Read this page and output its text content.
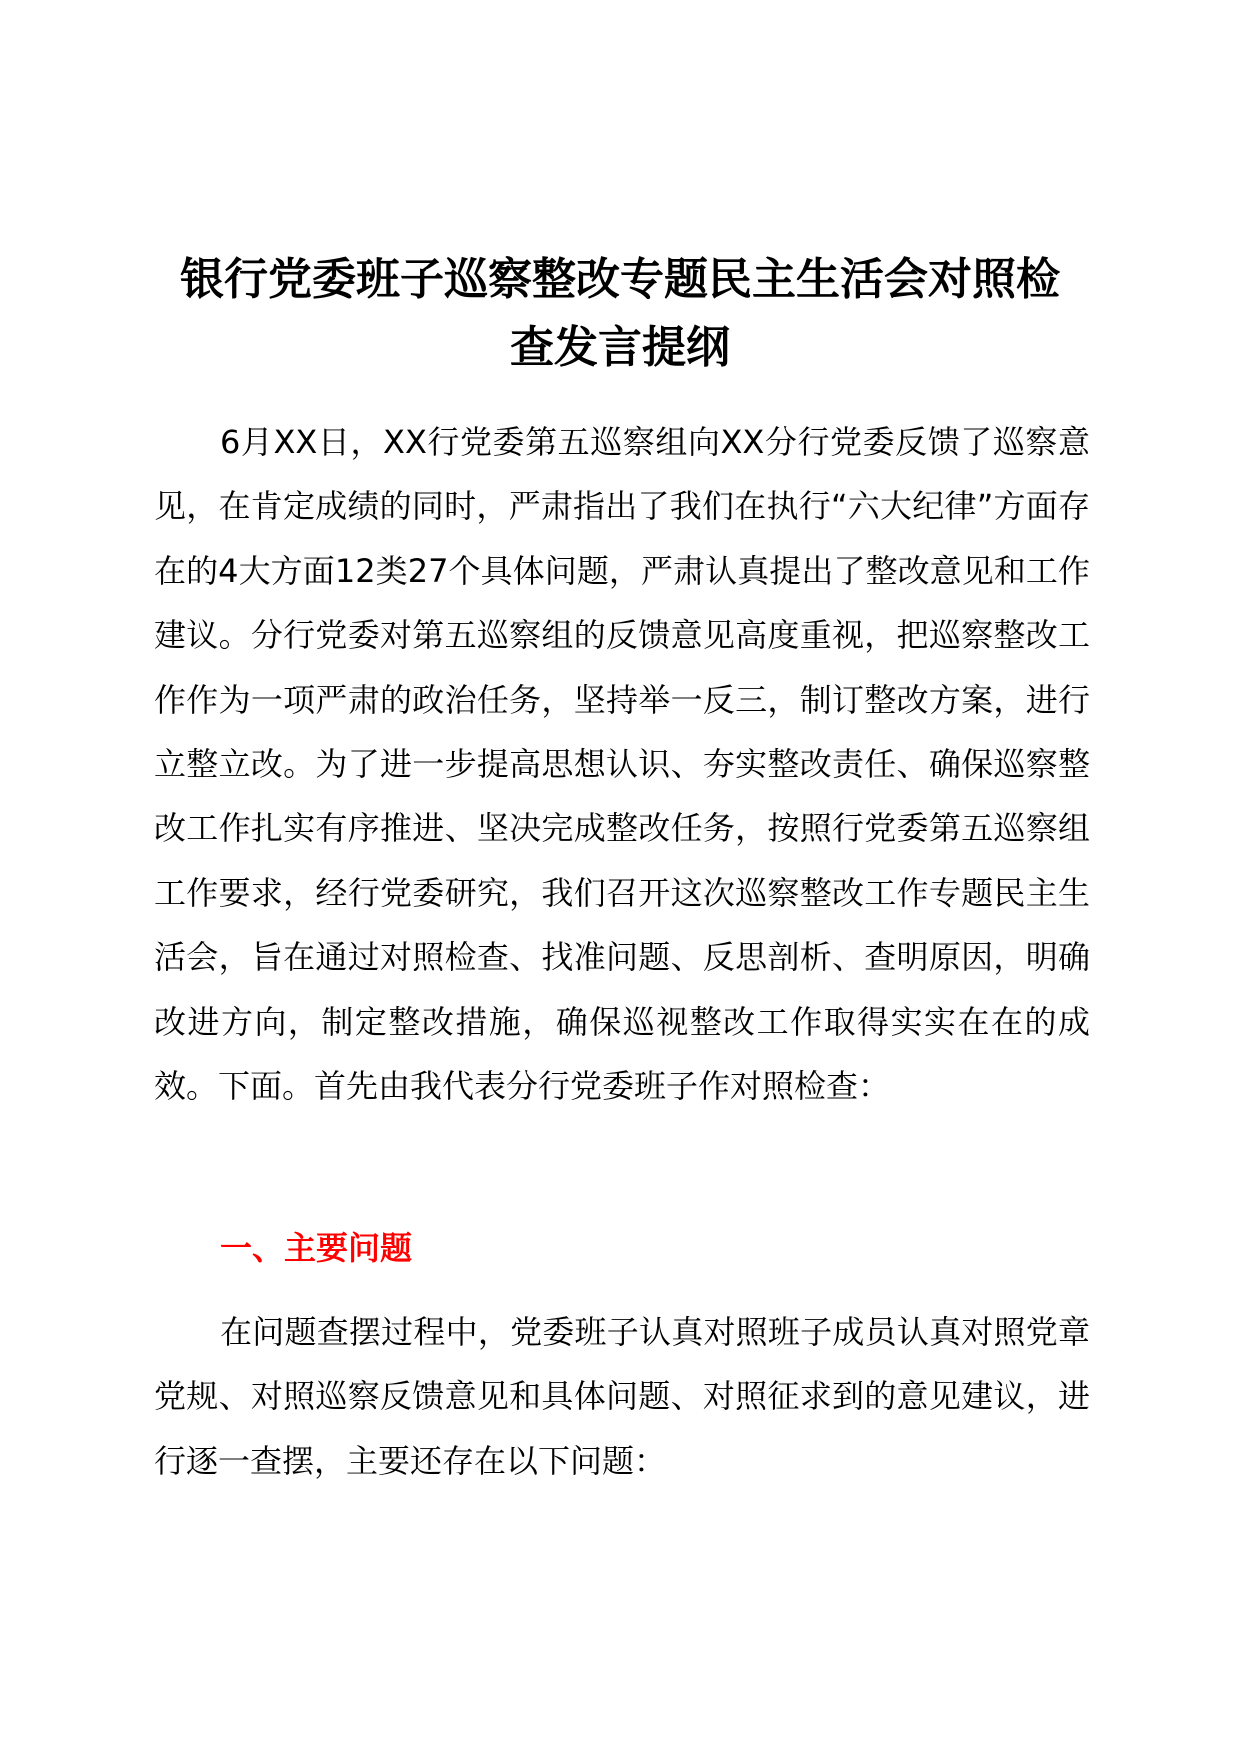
银行党委班子巡察整改专题民主生活会对照检
查发言提纲

6月XX日，XX行党委第五巡察组向XX分行党委反馈了巡察意见，在肯定成绩的同时，严肃指出了我们在执行“六大纪律”方面存在的4大方面12类27个具体问题，严肃认真提出了整改意见和工作建议。分行党委对第五巡察组的反馈意见高度重视，把巡察整改工作作为一项严肃的政治任务，坚持举一反三，制订整改方案，进行立整立改。为了进一步提高思想认识、夯实整改责任、确保巡察整改工作扎实有序推进、坚决完成整改任务，按照行党委第五巡察组工作要求，经行党委研究，我们召开这次巡察整改工作专题民主生活会，旨在通过对照检查、找准问题、反思剖析、查明原因，明确改进方向，制定整改措施，确保巡视整改工作取得实实在在的成效。下面。首先由我代表分行党委班子作对照检查：

一、主要问题

在问题查摆过程中，党委班子认真对照班子成员认真对照党章党规、对照巡察反馈意见和具体问题、对照征求到的意见建议，进行逐一查摆，主要还存在以下问题：
